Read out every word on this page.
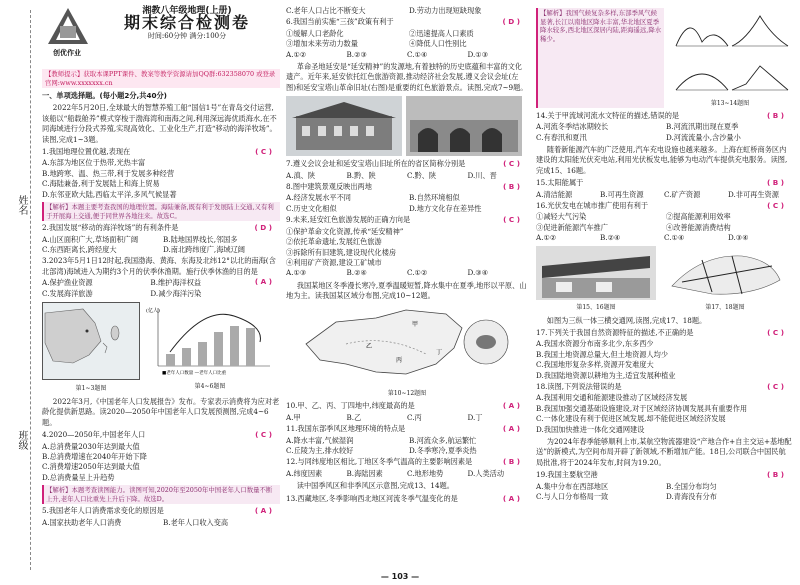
姓名
班级
创优作业
湘教八年级地理(上册)
期末综合检测卷
时间:60分钟 满分:100分
【教师提示】获取本课PPT课件、教案等教学资源请加QQ群:632358070 或登录官网:www.xxxxxxx.cn
一、单项选择题。(每小题2分,共40分)
2022年5月20日,全球最大的智慧养殖工船“国信1号”在青岛交付运营,该船以“船载舱养”模式穿梭于渤海湾和南海之间,利用深远海优质海水,在不同海域进行分段式养殖,实现高效化、工业化生产,打造“移动的海洋牧场”。读图,完成1~3题。
( C )
1.我国地理位置优越,表现在
A.东部为地区位于热带,光热丰富
B.地跨寒、温、热三带,利于发展多种经营
C.海陆兼备,利于发展陆上和海上贸易
D.东邻亚欧大陆,西临太平洋,多风气候显著
【解析】本题主要考查我国的地理位置。海陆兼备,既有利于发展陆上交通,又有利于开展海上交通,便于同世界各地往来。故选C。
( D )
2.我国发展“移动的海洋牧场”的有利条件是
A.山区面积广大,草场面积广阔	B.陆地国界线长,邻国多
C.东西距离长,跨经度大	D.南北跨纬度广,海域辽阔
3.2023年5月1日12时起,我国渤海、黄海、东海及北纬12°以北的南海(含北部湾)海域进入为期约3个月的伏季休渔期。施行伏季休渔的目的是
( A )
A.保护渔业资源	B.维护海洋权益
C.发展海洋旅游	D.减少海洋污染
第1~3题图
(亿人)
■老年人口数量 —老年人口比重
第4~6题图
2022年3月,《中国老年人口发展报告》发布。专家表示消费将为应对老龄化提供新思路。读2020—2050年中国老年人口发展预测图,完成4~6题。
( C )
4.2020—2050年,中国老年人口
A.总消费量2030年达到最大值
B.总消费增速在2040年开始下降
C.消费增速2050年达到最大值
D.总消费量呈上升趋势
【解析】本题考查读图能力。读图可知,2020年至2050年中国老年人口数量不断上升,老年人口比重先上升后下降。故选D。
( A )
5.我国老年人口消费需求变化的原因是
A.国家扶助老年人口消费	B.老年人口收入变高
C.老年人口占比不断变大	D.劳动力出现短缺现象
( D )
6.我国当前实施“三孩”政策有利于
①缓解人口老龄化	②迅速提高人口素质
③增加未来劳动力数量	④降低人口性别比
A.①②	B.②③	C.①④	D.①③
革命圣地延安是“延安精神”的发源地,有着独特的历史底蕴和丰富的文化遗产。近年来,延安依托红色旅游资源,推动经济社会发展,遵义会议会址(左图)和延安宝塔山革命旧址(右图)是重要的红色旅游景点。读图,完成7~9题。
( C )
7.遵义会议会址和延安宝塔山旧址所在的省区简称分别是
A.滇、陕	B.黔、陕	C.黔、陕	D.川、晋
( B )
8.图中建筑景观反映出两地
A.经济发展水平不同	B.自然环境相似
C.历史文化相似	D.地方文化存在差异性
( C )
9.未来,延安红色旅游发展的正确方向是
①保护革命文化资源,传承“延安精神”
②依托革命遗址,发展红色旅游
③拆除所有旧建筑,建设现代化楼房
④利用矿产资源,建设工矿城市
A.①③	B.②④	C.①②	D.③④
我国某地区冬季漫长寒冷,夏季温暖短暂,降水集中在夏季,地形以平原、山地为主。读我国某区域分布图,完成10~12题。
甲
乙
丙
丁
第10~12题图
( A )
10.甲、乙、丙、丁四地中,纬度最高的是
A.甲	B.乙	C.丙	D.丁
( A )
11.我国东部季风区地理环境的特点是
A.降水丰富,气候湿润	B.河流众多,航运繁忙
C.丘陵为主,排水较好	D.冬季寒冷,夏季炎热
( B )
12.与同纬度地区相比,丁地区冬季气温高的主要影响因素是
A.纬度因素	B.海陆因素	C.地形地势	D.人类活动
读中国季风区和非季风区示意图,完成13、14题。
( A )
13.西藏地区,冬季影响西北地区河流冬季气温变化的是
【解析】我国气候复杂多样,东部季风气候显著,长江以南地区降水丰富,华北地区夏季降水较多,西北地区深居内陆,距海遥远,降水稀少。
第13~14题图
( B )
14.关于甲流域河流水文特征的描述,错误的是
A.河流冬季结冰期较长	B.河流汛期出现在夏季
C.有春汛和夏汛	D.河流流量小,含沙量小
随着新能源汽车的广泛使用,汽车充电设施也越来越多。上海在虹桥商务区内建设的太阳能光伏充电站,利用光伏板发电,能够为电动汽车提供充电服务。读图,完成15、16题。
( B )
15.太阳能属于
A.清洁能源	B.可再生资源	C.矿产资源	D.非可再生资源
( C )
16.光伏发电在城市推广使用有利于
①减轻大气污染	②提高能源利用效率
③促进新能源汽车推广	④改善能源消费结构
A.①②	B.②④	C.①④	D.③④
第15、16题图	第17、18题图
如图为三纵一体三横交通网,读图,完成17、18题。
( C )
17.下列关于我国自然资源特征的描述,不正确的是
A.我国水资源分布南多北少,东多西少
B.我国土地资源总量大,但土地资源人均少
C.我国地形复杂多样,资源开发难度大
D.我国陆地资源以耕地为主,适宜发展种植业
( C )
18.读图,下列说法错误的是
A.我国利用交通和能源建设推动了区域经济发展
B.我国加强交通基础设施建设,对于区域经济协调发展具有重要作用
C.一体化建设有利于促进区域发展,却不能促进区域经济发展
D.我国加快推进一体化交通网建设
为2024年春季能够顺利上市,某航空物流器建设“产地合作+自主交运+基地配送”的新模式,为空间布局开辟了新领域,不断增加产能。18日,公司联合中国民航局批准,将于2024年发布,时间为19.20。
( B )
19.我国主要航空港
A.集中分布在西部地区	B.全国分布均匀
C.与人口分布格局一致	D.青海没有分布
— 103 —
